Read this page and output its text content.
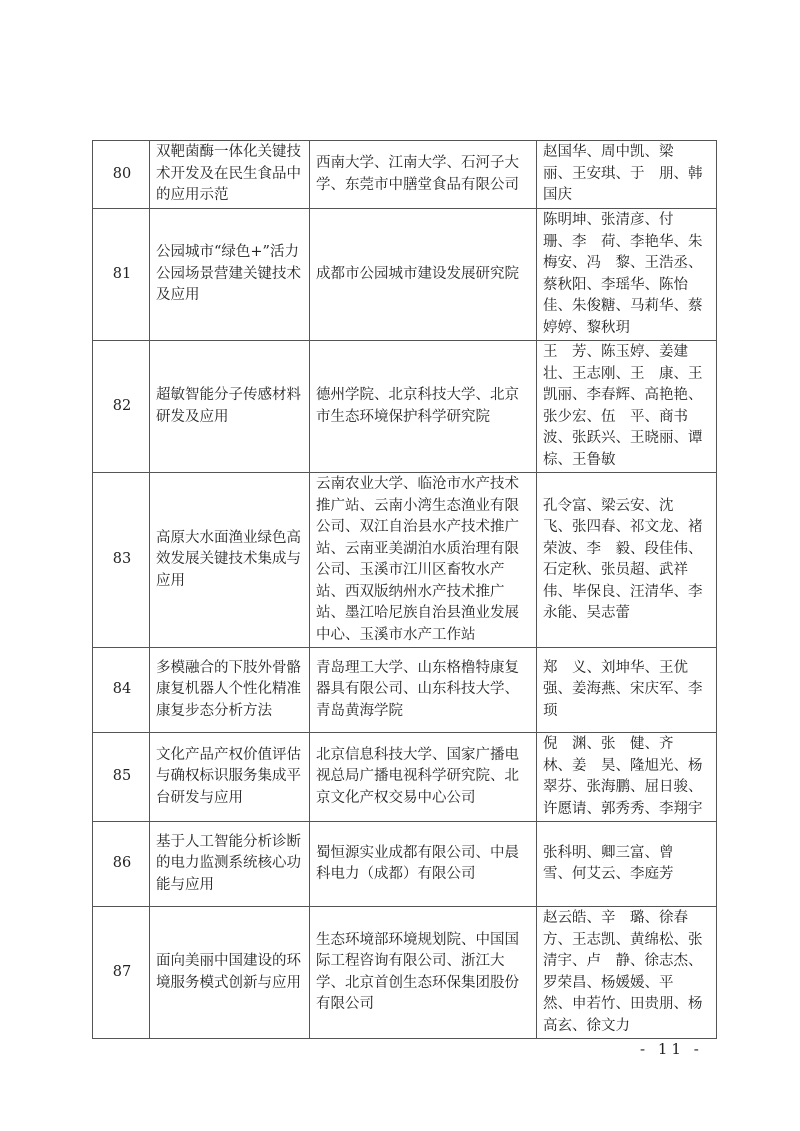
80	双靶菌酶一体化关键技术开发及在民生食品中的应用示范	西南大学、江南大学、石河子大学、东莞市中膳堂食品有限公司	赵国华、周中凯、梁　丽、王安琪、于　朋、韩国庆
81	公园城市“绿色+”活力公园场景营建关键技术及应用	成都市公园城市建设发展研究院	陈明坤、张清彦、付　珊、李　荷、李艳华、朱梅安、冯　黎、王浩丞、蔡秋阳、李瑶华、陈怡佳、朱俊糖、马莉华、蔡婷婷、黎秋玥
82	超敏智能分子传感材料研发及应用	德州学院、北京科技大学、北京市生态环境保护科学研究院	王　芳、陈玉婷、姜建壮、王志刚、王　康、王凯丽、李春辉、高艳艳、张少宏、伍　平、商书波、张跃兴、王晓丽、谭　棕、王鲁敏
83	高原大水面渔业绿色高效发展关键技术集成与应用	云南农业大学、临沧市水产技术推广站、云南小湾生态渔业有限公司、双江自治县水产技术推广站、云南亚美湖泊水质治理有限公司、玉溪市江川区畜牧水产站、西双版纳州水产技术推广站、墨江哈尼族自治县渔业发展中心、玉溪市水产工作站	孔令富、梁云安、沈　飞、张四春、祁文龙、褚荣波、李　毅、段佳伟、石定秋、张员超、武祥伟、毕保良、汪清华、李永能、吴志蕾
84	多模融合的下肢外骨骼康复机器人个性化精准康复步态分析方法	青岛理工大学、山东格橹特康复器具有限公司、山东科技大学、青岛黄海学院	郑　义、刘坤华、王优强、姜海燕、宋庆军、李　顼
85	文化产品产权价值评估与确权标识服务集成平台研发与应用	北京信息科技大学、国家广播电视总局广播电视科学研究院、北京文化产权交易中心公司	倪　渊、张　健、齐　林、姜　昊、隆旭光、杨翠芬、张海鹏、屈日骏、许愿请、郭秀秀、李翔宇
86	基于人工智能分析诊断的电力监测系统核心功能与应用	蜀恒源实业成都有限公司、中晨科电力（成都）有限公司	张科明、卿三富、曾　雪、何艾云、李庭芳
87	面向美丽中国建设的环境服务模式创新与应用	生态环境部环境规划院、中国国际工程咨询有限公司、浙江大学、北京首创生态环保集团股份有限公司	赵云皓、辛　璐、徐春方、王志凯、黄绵松、张清宇、卢　静、徐志杰、罗荣昌、杨媛媛、平　然、申若竹、田贵朋、杨高玄、徐文力
- 11 -
